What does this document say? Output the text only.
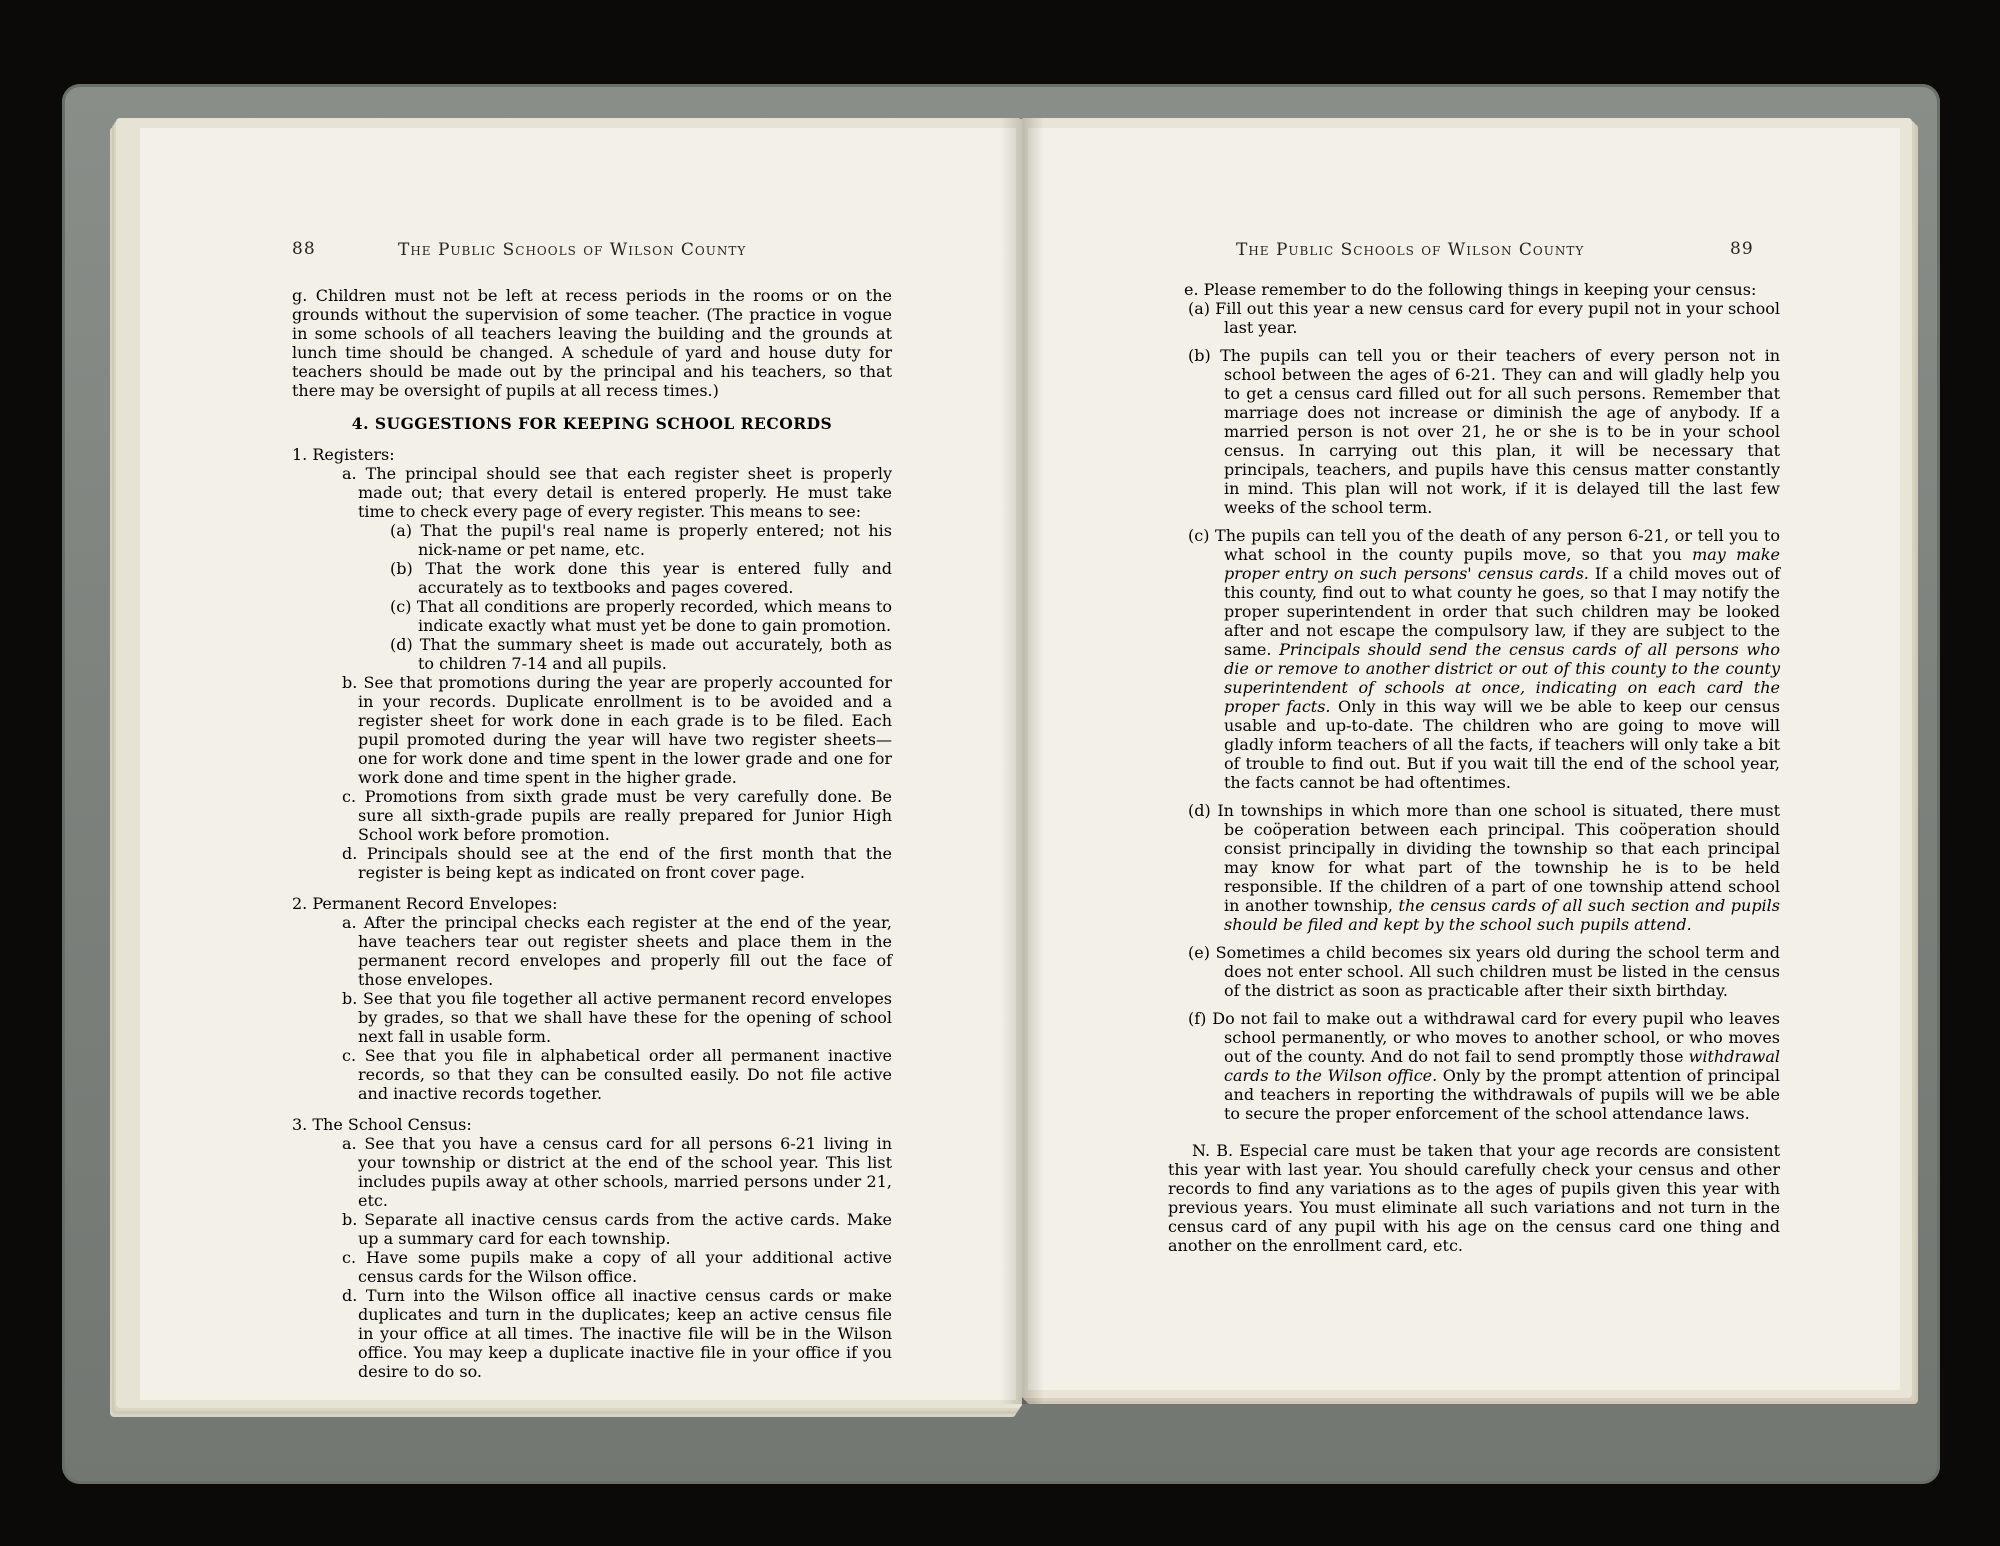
88	The Public Schools of Wilson County	The Public Schools of Wilson County	89

g. Children must not be left at recess periods in the rooms or on the grounds without the supervision of some teacher. (The practice in vogue in some schools of all teachers leaving the building and the grounds at lunch time should be changed. A schedule of yard and house duty for teachers should be made out by the principal and his teachers, so that there may be oversight of pupils at all recess times.)

4. SUGGESTIONS FOR KEEPING SCHOOL RECORDS

1. Registers:

a. The principal should see that each register sheet is properly made out; that every detail is entered properly. He must take time to check every page of every register. This means to see:

(a) That the pupil's real name is properly entered; not his nick-name or pet name, etc.

(b) That the work done this year is entered fully and accurately as to textbooks and pages covered.

(c) That all conditions are properly recorded, which means to indicate exactly what must yet be done to gain promotion.

(d) That the summary sheet is made out accurately, both as to children 7-14 and all pupils.

b. See that promotions during the year are properly accounted for in your records. Duplicate enrollment is to be avoided and a register sheet for work done in each grade is to be filed. Each pupil promoted during the year will have two register sheets—one for work done and time spent in the lower grade and one for work done and time spent in the higher grade.

c. Promotions from sixth grade must be very carefully done. Be sure all sixth-grade pupils are really prepared for Junior High School work before promotion.

d. Principals should see at the end of the first month that the register is being kept as indicated on front cover page.

2. Permanent Record Envelopes:

a. After the principal checks each register at the end of the year, have teachers tear out register sheets and place them in the permanent record envelopes and properly fill out the face of those envelopes.

b. See that you file together all active permanent record envelopes by grades, so that we shall have these for the opening of school next fall in usable form.

c. See that you file in alphabetical order all permanent inactive records, so that they can be consulted easily. Do not file active and inactive records together.

3. The School Census:

a. See that you have a census card for all persons 6-21 living in your township or district at the end of the school year. This list includes pupils away at other schools, married persons under 21, etc.

b. Separate all inactive census cards from the active cards. Make up a summary card for each township.

c. Have some pupils make a copy of all your additional active census cards for the Wilson office.

d. Turn into the Wilson office all inactive census cards or make duplicates and turn in the duplicates; keep an active census file in your office at all times. The inactive file will be in the Wilson office. You may keep a duplicate inactive file in your office if you desire to do so.

e. Please remember to do the following things in keeping your census:

(a) Fill out this year a new census card for every pupil not in your school last year.

(b) The pupils can tell you or their teachers of every person not in school between the ages of 6-21. They can and will gladly help you to get a census card filled out for all such persons. Remember that marriage does not increase or diminish the age of anybody. If a married person is not over 21, he or she is to be in your school census. In carrying out this plan, it will be necessary that principals, teachers, and pupils have this census matter constantly in mind. This plan will not work, if it is delayed till the last few weeks of the school term.

(c) The pupils can tell you of the death of any person 6-21, or tell you to what school in the county pupils move, so that you may make proper entry on such persons' census cards. If a child moves out of this county, find out to what county he goes, so that I may notify the proper superintendent in order that such children may be looked after and not escape the compulsory law, if they are subject to the same. Principals should send the census cards of all persons who die or remove to another district or out of this county to the county superintendent of schools at once, indicating on each card the proper facts. Only in this way will we be able to keep our census usable and up-to-date. The children who are going to move will gladly inform teachers of all the facts, if teachers will only take a bit of trouble to find out. But if you wait till the end of the school year, the facts cannot be had oftentimes.

(d) In townships in which more than one school is situated, there must be coöperation between each principal. This coöperation should consist principally in dividing the township so that each principal may know for what part of the township he is to be held responsible. If the children of a part of one township attend school in another township, the census cards of all such section and pupils should be filed and kept by the school such pupils attend.

(e) Sometimes a child becomes six years old during the school term and does not enter school. All such children must be listed in the census of the district as soon as practicable after their sixth birthday.

(f) Do not fail to make out a withdrawal card for every pupil who leaves school permanently, or who moves to another school, or who moves out of the county. And do not fail to send promptly those withdrawal cards to the Wilson office. Only by the prompt attention of principal and teachers in reporting the withdrawals of pupils will we be able to secure the proper enforcement of the school attendance laws.

N. B. Especial care must be taken that your age records are consistent this year with last year. You should carefully check your census and other records to find any variations as to the ages of pupils given this year with previous years. You must eliminate all such variations and not turn in the census card of any pupil with his age on the census card one thing and another on the enrollment card, etc.
